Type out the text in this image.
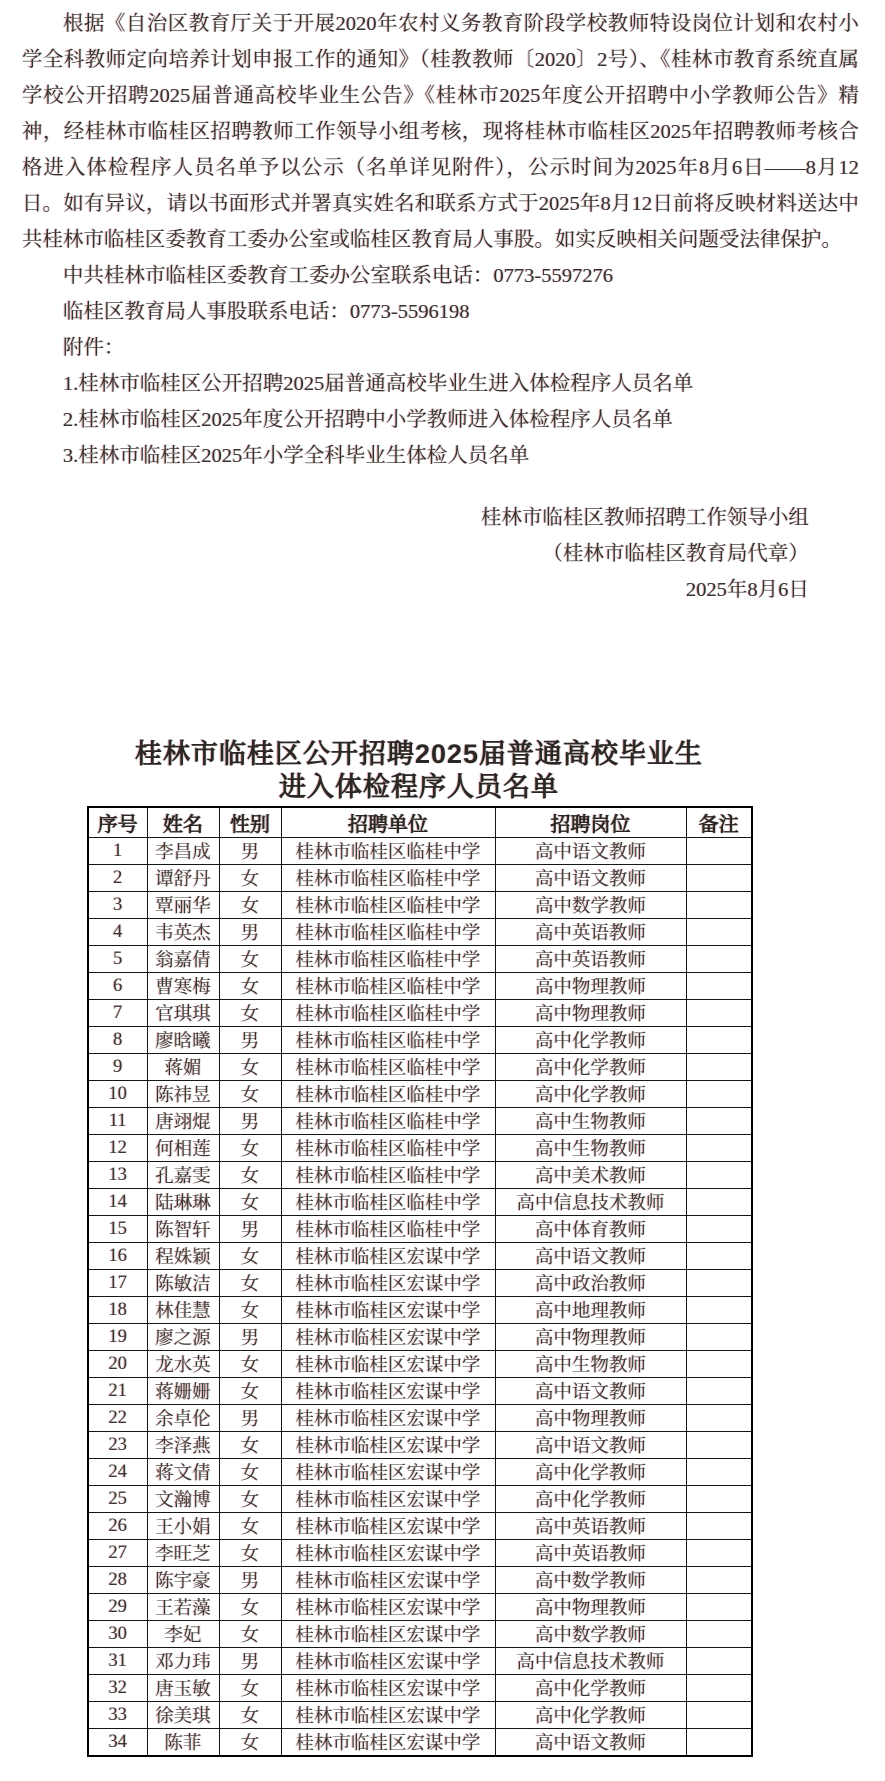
根据《自治区教育厅关于开展2020年农村义务教育阶段学校教师特设岗位计划和农村小学全科教师定向培养计划申报工作的通知》（桂教教师〔2020〕2号）、《桂林市教育系统直属学校公开招聘2025届普通高校毕业生公告》《桂林市2025年度公开招聘中小学教师公告》精神，经桂林市临桂区招聘教师工作领导小组考核，现将桂林市临桂区2025年招聘教师考核合格进入体检程序人员名单予以公示（名单详见附件），公示时间为2025年8月6日——8月12日。如有异议，请以书面形式并署真实姓名和联系方式于2025年8月12日前将反映材料送达中共桂林市临桂区委教育工委办公室或临桂区教育局人事股。如实反映相关问题受法律保护。

中共桂林市临桂区委教育工委办公室联系电话：0773-5597276

临桂区教育局人事股联系电话：0773-5596198

附件：

1.桂林市临桂区公开招聘2025届普通高校毕业生进入体检程序人员名单

2.桂林市临桂区2025年度公开招聘中小学教师进入体检程序人员名单

3.桂林市临桂区2025年小学全科毕业生体检人员名单

桂林市临桂区教师招聘工作领导小组

（桂林市临桂区教育局代章）

2025年8月6日

桂林市临桂区公开招聘2025届普通高校毕业生
进入体检程序人员名单
序号	姓名	性别	招聘单位	招聘岗位	备注
1	李昌成	男	桂林市临桂区临桂中学	高中语文教师	
2	谭舒丹	女	桂林市临桂区临桂中学	高中语文教师	
3	覃丽华	女	桂林市临桂区临桂中学	高中数学教师	
4	韦英杰	男	桂林市临桂区临桂中学	高中英语教师	
5	翁嘉倩	女	桂林市临桂区临桂中学	高中英语教师	
6	曹寒梅	女	桂林市临桂区临桂中学	高中物理教师	
7	官琪琪	女	桂林市临桂区临桂中学	高中物理教师	
8	廖晗曦	男	桂林市临桂区临桂中学	高中化学教师	
9	蒋媚	女	桂林市临桂区临桂中学	高中化学教师	
10	陈祎昱	女	桂林市临桂区临桂中学	高中化学教师	
11	唐翊焜	男	桂林市临桂区临桂中学	高中生物教师	
12	何相莲	女	桂林市临桂区临桂中学	高中生物教师	
13	孔嘉雯	女	桂林市临桂区临桂中学	高中美术教师	
14	陆琳琳	女	桂林市临桂区临桂中学	高中信息技术教师	
15	陈智轩	男	桂林市临桂区临桂中学	高中体育教师	
16	程姝颖	女	桂林市临桂区宏谋中学	高中语文教师	
17	陈敏洁	女	桂林市临桂区宏谋中学	高中政治教师	
18	林佳慧	女	桂林市临桂区宏谋中学	高中地理教师	
19	廖之源	男	桂林市临桂区宏谋中学	高中物理教师	
20	龙水英	女	桂林市临桂区宏谋中学	高中生物教师	
21	蒋姗姗	女	桂林市临桂区宏谋中学	高中语文教师	
22	余卓伦	男	桂林市临桂区宏谋中学	高中物理教师	
23	李泽燕	女	桂林市临桂区宏谋中学	高中语文教师	
24	蒋文倩	女	桂林市临桂区宏谋中学	高中化学教师	
25	文瀚博	女	桂林市临桂区宏谋中学	高中化学教师	
26	王小娟	女	桂林市临桂区宏谋中学	高中英语教师	
27	李旺芝	女	桂林市临桂区宏谋中学	高中英语教师	
28	陈宇豪	男	桂林市临桂区宏谋中学	高中数学教师	
29	王若藻	女	桂林市临桂区宏谋中学	高中物理教师	
30	李妃	女	桂林市临桂区宏谋中学	高中数学教师	
31	邓力玮	男	桂林市临桂区宏谋中学	高中信息技术教师	
32	唐玉敏	女	桂林市临桂区宏谋中学	高中化学教师	
33	徐美琪	女	桂林市临桂区宏谋中学	高中化学教师	
34	陈菲	女	桂林市临桂区宏谋中学	高中语文教师	
